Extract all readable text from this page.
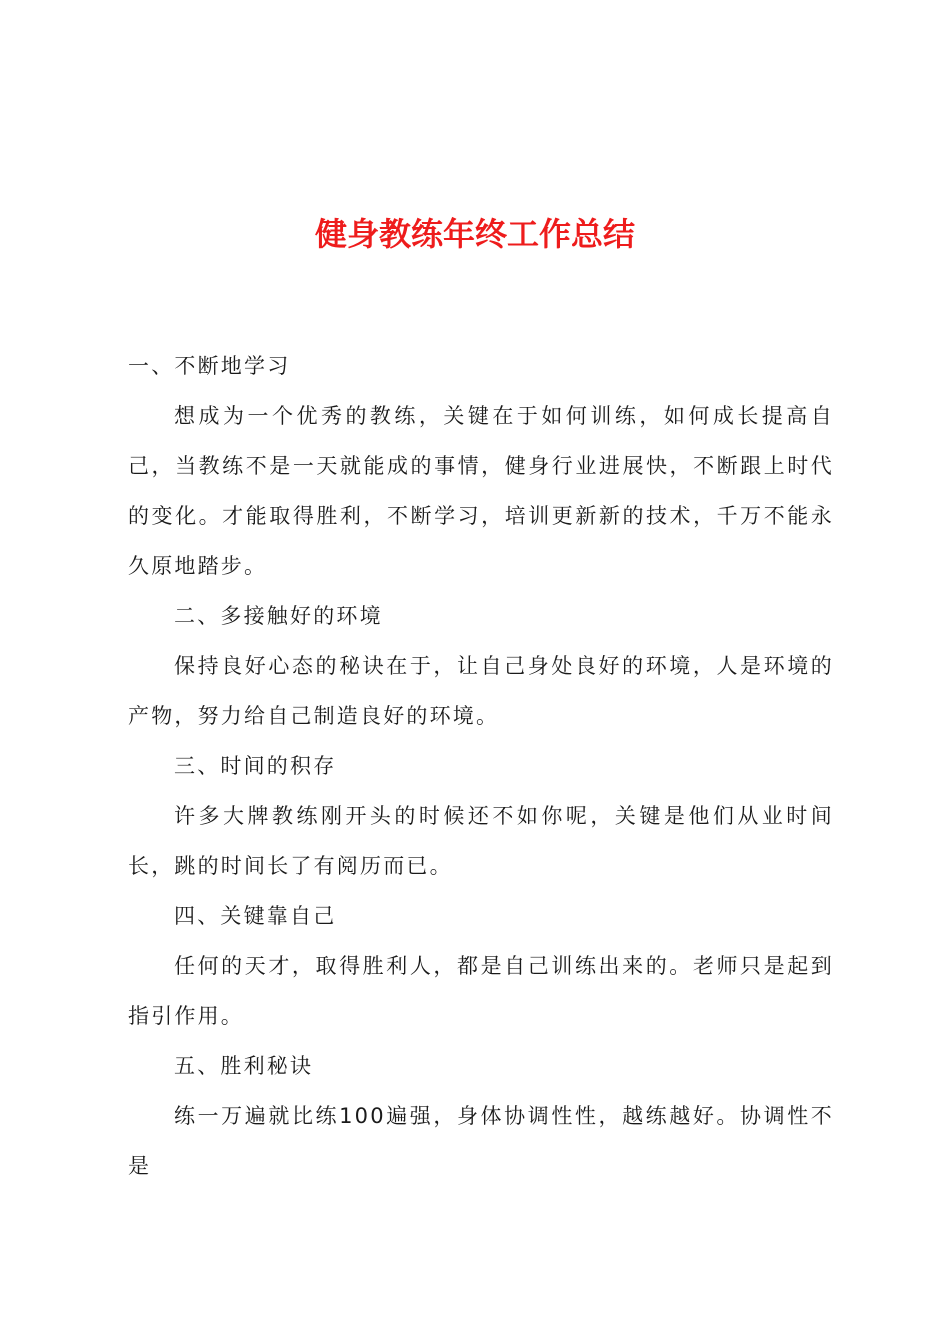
健身教练年终工作总结

一、不断地学习

想成为一个优秀的教练，关键在于如何训练，如何成长提高自己，当教练不是一天就能成的事情，健身行业进展快，不断跟上时代的变化。才能取得胜利，不断学习，培训更新新的技术，千万不能永久原地踏步。

二、多接触好的环境

保持良好心态的秘诀在于，让自己身处良好的环境，人是环境的产物，努力给自己制造良好的环境。

三、时间的积存

许多大牌教练刚开头的时候还不如你呢，关键是他们从业时间长，跳的时间长了有阅历而已。

四、关键靠自己

任何的天才，取得胜利人，都是自己训练出来的。老师只是起到指引作用。

五、胜利秘诀

练一万遍就比练100遍强，身体协调性性，越练越好。协调性不是
